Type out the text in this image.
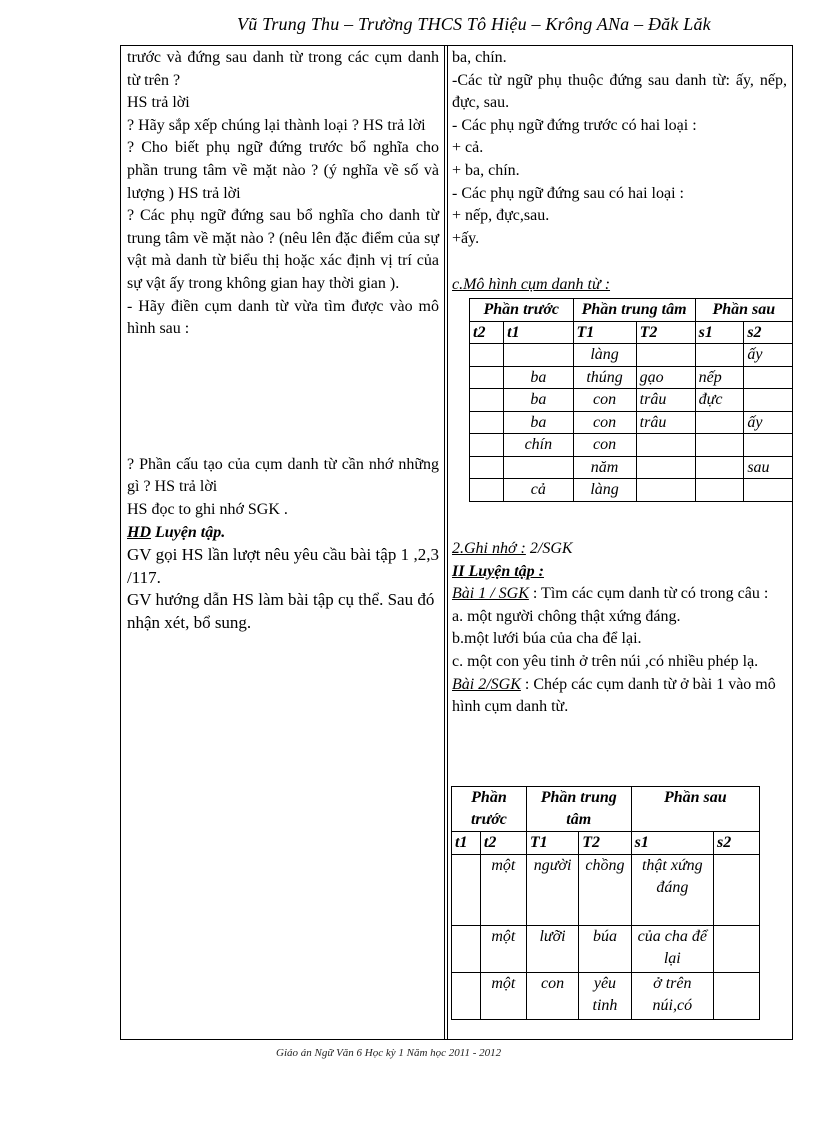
Vũ Trung Thu – Trường THCS Tô Hiệu – Krông ANa – Đăk Lăk

trước và đứng sau danh từ trong các cụm danh từ trên ?

HS trả lời

? Hãy sắp xếp chúng lại thành loại ? HS trả lời

? Cho biết phụ ngữ đứng trước bổ nghĩa cho phần trung tâm về mặt nào ? (ý nghĩa về số và lượng ) HS trả lời

? Các phụ ngữ đứng sau bổ nghĩa cho danh từ trung tâm về mặt nào ? (nêu lên đặc điểm của sự vật mà danh từ biểu thị hoặc xác định vị trí của sự vật ấy trong không gian hay thời gian ).

- Hãy điền cụm danh từ vừa tìm được vào mô hình sau :

? Phần cấu tạo của cụm danh từ cần nhớ những gì ? HS trả lời

HS đọc to ghi nhớ SGK .

HD Luyện tập.

GV gọi HS lần lượt nêu yêu cầu bài tập 1 ,2,3 /117.

GV hướng dẫn HS làm bài tập cụ thể. Sau đó nhận xét, bổ sung.

ba, chín.

-Các từ ngữ phụ thuộc đứng sau danh từ: ấy, nếp, đực, sau.

- Các phụ ngữ đứng trước có hai loại :

+ cả.

+ ba, chín.

- Các phụ ngữ đứng sau có hai loại :

+ nếp, đực,sau.

+ấy.

c.Mô hình cụm danh từ :

Phần trước		Phần trung tâm		Phần sau	
t2	t1	T1	T2	s1	s2
		làng			ấy
	ba	thúng	gạo	nếp	
	ba	con	trâu	đực	
	ba	con	trâu		ấy
	chín	con			
		năm			sau
	cả	làng			

2.Ghi nhớ : 2/SGK

II Luyện tập :

Bài 1 / SGK : Tìm các cụm danh từ có trong câu :

a. một người chông thật xứng đáng.

b.một lưới búa của cha để lại.

c. một con yêu tinh ở trên núi ,có nhiều phép lạ.

Bài 2/SGK : Chép các cụm danh từ ở bài 1 vào mô hình cụm danh từ.

Phần trước		Phần trung tâm		Phần sau	
t1	t2	T1	T2	s1	s2
	một	người	chồng	thật xứng đáng	
	một	lưỡi	búa	của cha để lại	
	một	con	yêu tinh	ở trên núi,có	
Giáo án Ngữ Văn 6 Học kỳ 1 Năm học 2011 - 2012
